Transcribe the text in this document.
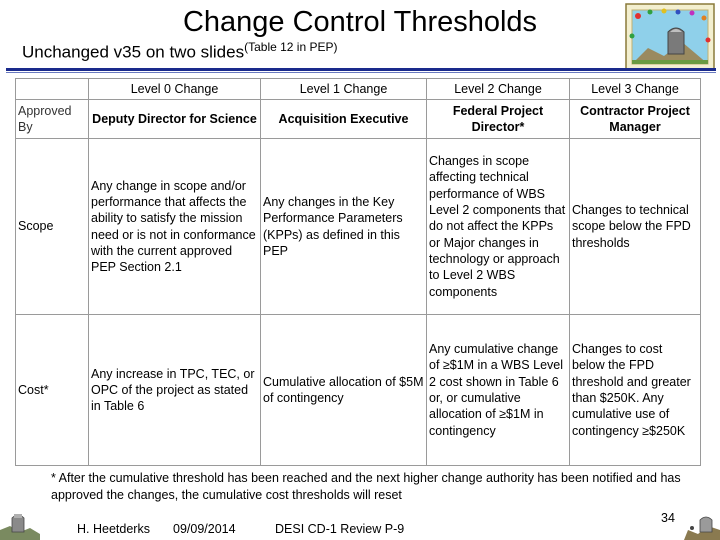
Change Control Thresholds
Unchanged v35 on two slides$^{(Table 12 in PEP)}$
	Level 0 Change	Level 1 Change	Level 2 Change	Level 3 Change
Approved By	Deputy Director for Science	Acquisition Executive	Federal Project Director*	Contractor Project Manager
Scope	Any change in scope and/or performance that affects the ability to satisfy the mission need or is not in conformance with the current approved PEP Section 2.1	Any changes in the Key Performance Parameters (KPPs) as defined in this PEP	Changes in scope affecting technical performance of WBS Level 2 components that do not affect the KPPs or Major changes in technology or approach to Level 2 WBS components	Changes to technical scope below the FPD thresholds
Cost*	Any increase in TPC, TEC, or OPC of the project as stated in Table 6	Cumulative allocation of $5M of contingency	Any cumulative change of ≥$1M in a WBS Level 2 cost shown in Table 6 or, or cumulative allocation of ≥$1M in contingency	Changes to cost below the FPD threshold and greater than $250K. Any cumulative use of contingency ≥$250K
* After the cumulative threshold has been reached and the next higher change authority has been notified and has approved the changes, the cumulative cost thresholds will reset
H. Heetderks 09/09/2014	DESI CD-1 Review P-9
34
